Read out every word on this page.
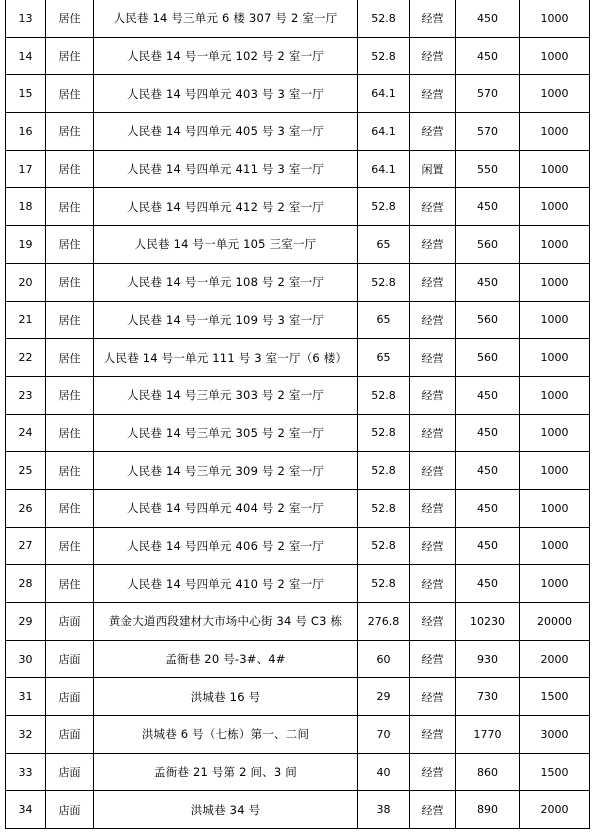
13	居住	人民巷 14 号三单元 6 楼 307 号 2 室一厅	52.8	经营	450	1000
14	居住	人民巷 14 号一单元 102 号 2 室一厅	52.8	经营	450	1000
15	居住	人民巷 14 号四单元 403 号 3 室一厅	64.1	经营	570	1000
16	居住	人民巷 14 号四单元 405 号 3 室一厅	64.1	经营	570	1000
17	居住	人民巷 14 号四单元 411 号 3 室一厅	64.1	闲置	550	1000
18	居住	人民巷 14 号四单元 412 号 2 室一厅	52.8	经营	450	1000
19	居住	人民巷 14 号一单元 105 三室一厅	65	经营	560	1000
20	居住	人民巷 14 号一单元 108 号 2 室一厅	52.8	经营	450	1000
21	居住	人民巷 14 号一单元 109 号 3 室一厅	65	经营	560	1000
22	居住	人民巷 14 号一单元 111 号 3 室一厅（6 楼）	65	经营	560	1000
23	居住	人民巷 14 号三单元 303 号 2 室一厅	52.8	经营	450	1000
24	居住	人民巷 14 号三单元 305 号 2 室一厅	52.8	经营	450	1000
25	居住	人民巷 14 号三单元 309 号 2 室一厅	52.8	经营	450	1000
26	居住	人民巷 14 号四单元 404 号 2 室一厅	52.8	经营	450	1000
27	居住	人民巷 14 号四单元 406 号 2 室一厅	52.8	经营	450	1000
28	居住	人民巷 14 号四单元 410 号 2 室一厅	52.8	经营	450	1000
29	店面	黄金大道西段建材大市场中心街 34 号 C3 栋	276.8	经营	10230	20000
30	店面	孟衙巷 20 号-3#、4#	60	经营	930	2000
31	店面	洪城巷 16 号	29	经营	730	1500
32	店面	洪城巷 6 号（七栋）第一、二间	70	经营	1770	3000
33	店面	孟衙巷 21 号第 2 间、3 间	40	经营	860	1500
34	店面	洪城巷 34 号	38	经营	890	2000
